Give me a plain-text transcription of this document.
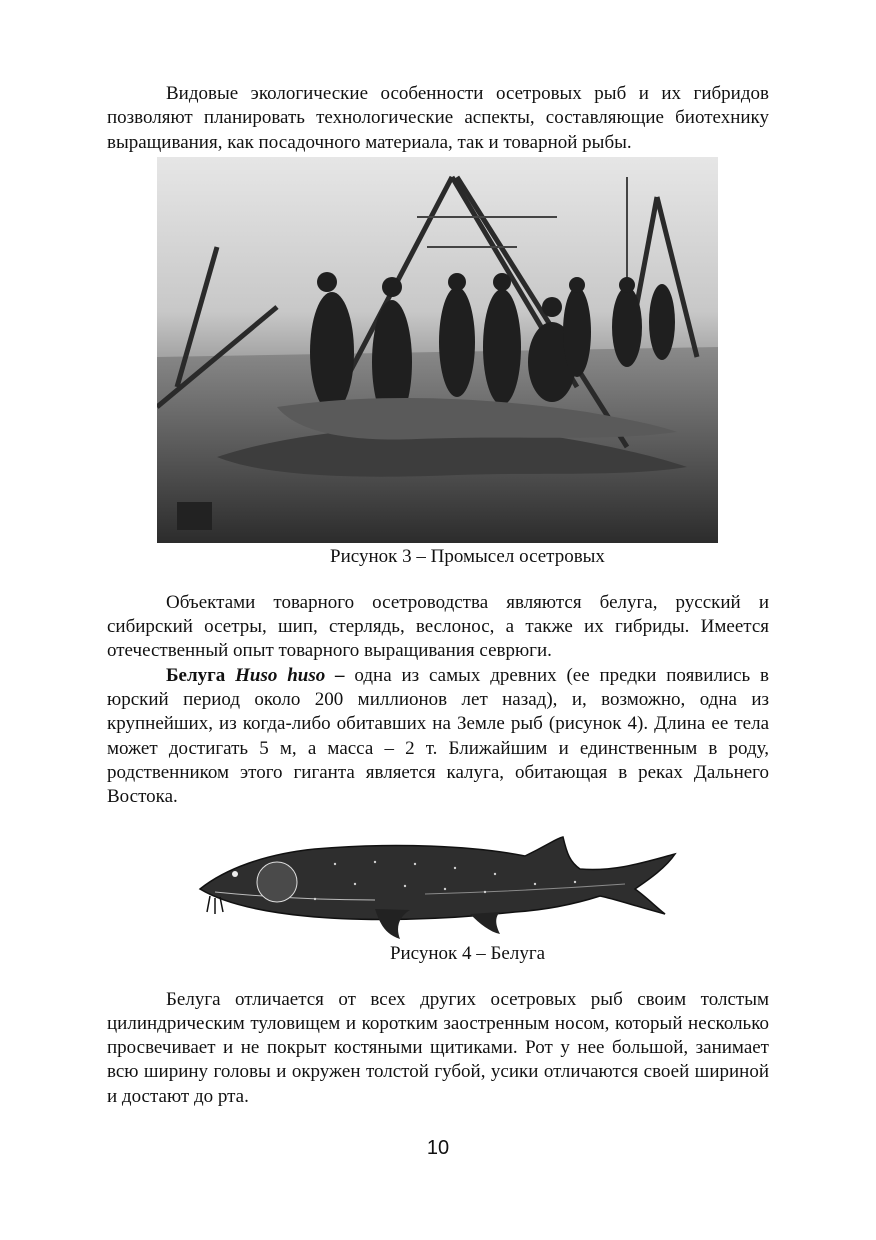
Видовые экологические особенности осетровых рыб и их гибридов позволяют планировать технологические аспекты, составляющие биотехнику выращивания, как посадочного материала, так и товарной рыбы.

Рисунок 3 – Промысел осетровых

Объектами товарного осетроводства являются белуга, русский и сибирский осетры, шип, стерлядь, веслонос, а также их гибриды. Имеется отечественный опыт товарного выращивания севрюги.

Белуга Huso huso – одна из самых древних (ее предки появились в юрский период около 200 миллионов лет назад), и, возможно, одна из крупнейших, из когда-либо обитавших на Земле рыб (рисунок 4). Длина ее тела может достигать 5 м, а масса – 2 т. Ближайшим и единственным в роду, родственником этого гиганта является калуга, обитающая в реках Дальнего Востока.

Рисунок 4 – Белуга

Белуга отличается от всех других осетровых рыб своим толстым цилиндрическим туловищем и коротким заостренным носом, который несколько просвечивает и не покрыт костяными щитиками. Рот у нее большой, занимает всю ширину головы и окружен толстой губой, усики отличаются своей шириной и достают до рта.

10
